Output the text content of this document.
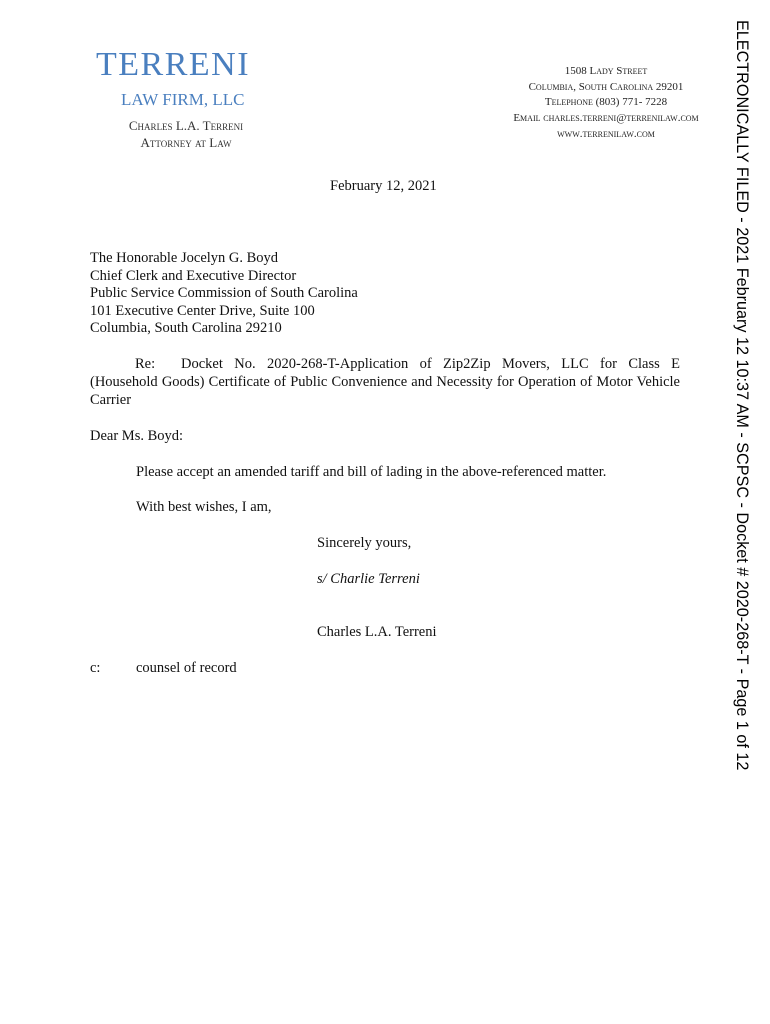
TERRENI
LAW FIRM, LLC
Charles L.A. Terreni
Attorney at Law
1508 Lady Street
Columbia, South Carolina 29201
Telephone (803) 771- 7228
Email charles.terreni@terrenilaw.com
www.terrenilaw.com
February 12, 2021
The Honorable Jocelyn G. Boyd
Chief Clerk and Executive Director
Public Service Commission of South Carolina
101 Executive Center Drive, Suite 100
Columbia, South Carolina 29210
Re: Docket No. 2020-268-T-Application of Zip2Zip Movers, LLC for Class E (Household Goods) Certificate of Public Convenience and Necessity for Operation of Motor Vehicle Carrier
Dear Ms. Boyd:
Please accept an amended tariff and bill of lading in the above-referenced matter.
With best wishes, I am,
Sincerely yours,
s/ Charlie Terreni
Charles L.A. Terreni
c: counsel of record	ELECTRONICALLY FILED - 2021 February 12 10:37 AM - SCPSC - Docket # 2020-268-T - Page 1 of 12
